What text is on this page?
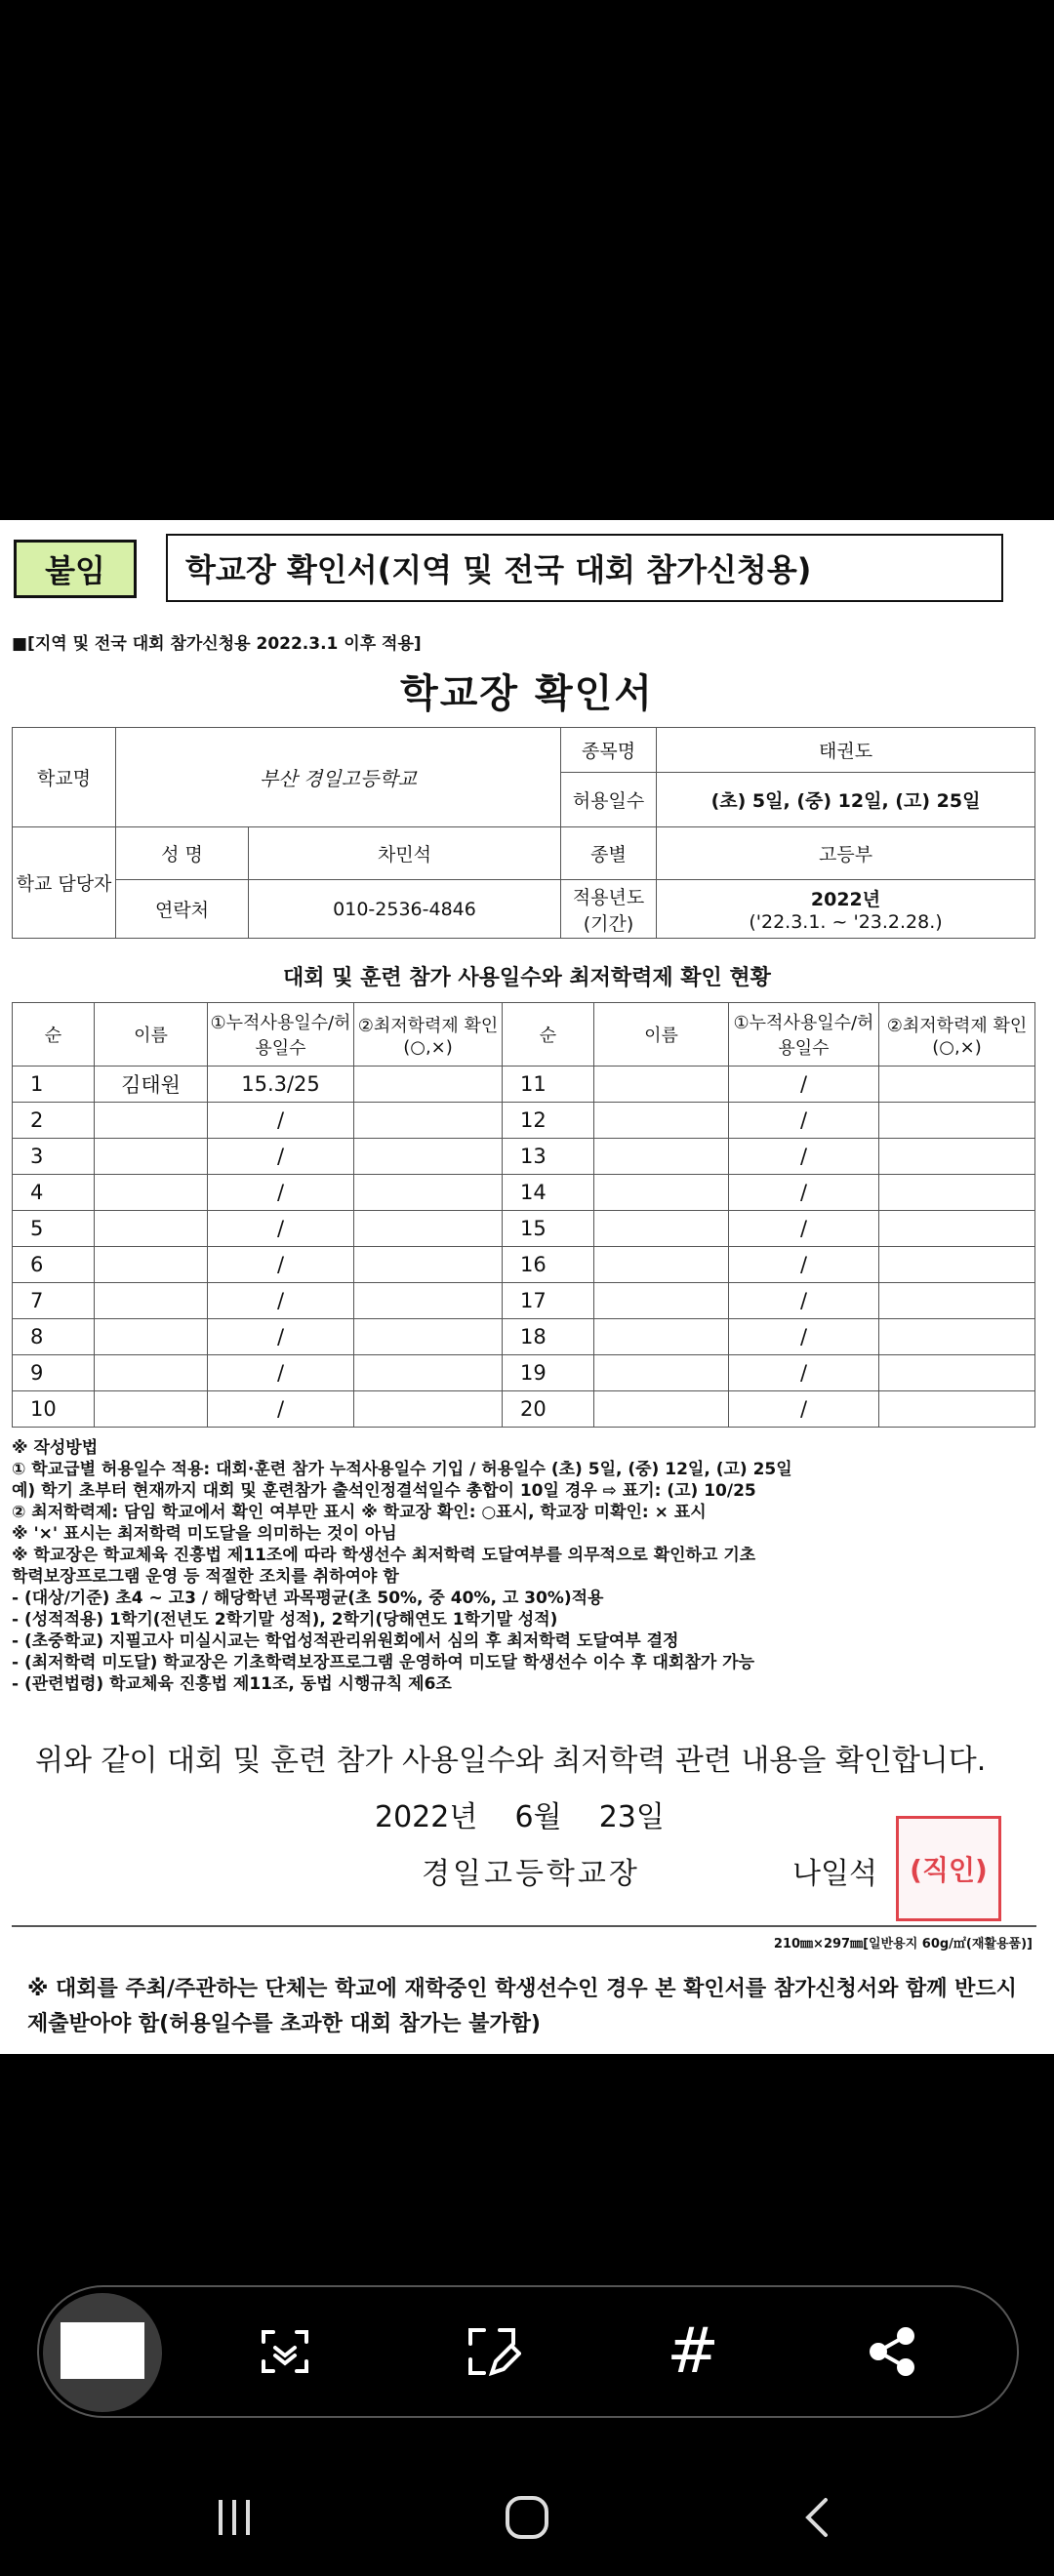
붙임	학교장 확인서(지역 및 전국 대회 참가신청용)
■[지역 및 전국 대회 참가신청용 2022.3.1 이후 적용]
학교장 확인서
학교명	부산 경일고등학교		종목명	태권도
			허용일수	(초) 5일, (중) 12일, (고) 25일
학교 담당자	성 명	차민석	종별	고등부
	연락처	010-2536-4846	적용년도 (기간)	2022년
('22.3.1. ~ '23.2.28.)
대회 및 훈련 참가 사용일수와 최저학력제 확인 현황
순	이름	①누적사용일수/허용일수	②최저학력제 확인(○,×)	순	이름	①누적사용일수/허용일수	②최저학력제 확인(○,×)
1	김태원	15.3/25		11		/	
2		/		12		/	
3		/		13		/	
4		/		14		/	
5		/		15		/	
6		/		16		/	
7		/		17		/	
8		/		18		/	
9		/		19		/	
10		/		20		/	
※ 작성방법
① 학교급별 허용일수 적용: 대회·훈련 참가 누적사용일수 기입 / 허용일수 (초) 5일, (중) 12일, (고) 25일
예) 학기 초부터 현재까지 대회 및 훈련참가 출석인정결석일수 총합이 10일 경우 ⇨ 표기: (고) 10/25
② 최저학력제: 담임 학교에서 확인 여부만 표시 ※ 학교장 확인: ○표시, 학교장 미확인: × 표시
※ '×' 표시는 최저학력 미도달을 의미하는 것이 아님
※ 학교장은 학교체육 진흥법 제11조에 따라 학생선수 최저학력 도달여부를 의무적으로 확인하고 기초
학력보장프로그램 운영 등 적절한 조치를 취하여야 함
- (대상/기준) 초4 ~ 고3 / 해당학년 과목평균(초 50%, 중 40%, 고 30%)적용
- (성적적용) 1학기(전년도 2학기말 성적), 2학기(당해연도 1학기말 성적)
- (초중학교) 지필고사 미실시교는 학업성적관리위원회에서 심의 후 최저학력 도달여부 결정
- (최저학력 미도달) 학교장은 기초학력보장프로그램 운영하여 미도달 학생선수 이수 후 대회참가 가능
- (관련법령) 학교체육 진흥법 제11조, 동법 시행규칙 제6조
위와 같이 대회 및 훈련 참가 사용일수와 최저학력 관련 내용을 확인합니다.
2022년 6월 23일
경일고등학교장	나일석	(직인)
210㎜×297㎜[일반용지 60g/㎡(재활용품)]
※ 대회를 주최/주관하는 단체는 학교에 재학중인 학생선수인 경우 본 확인서를 참가신청서와 함께 반드시 제출받아야 함(허용일수를 초과한 대회 참가는 불가함)
#
